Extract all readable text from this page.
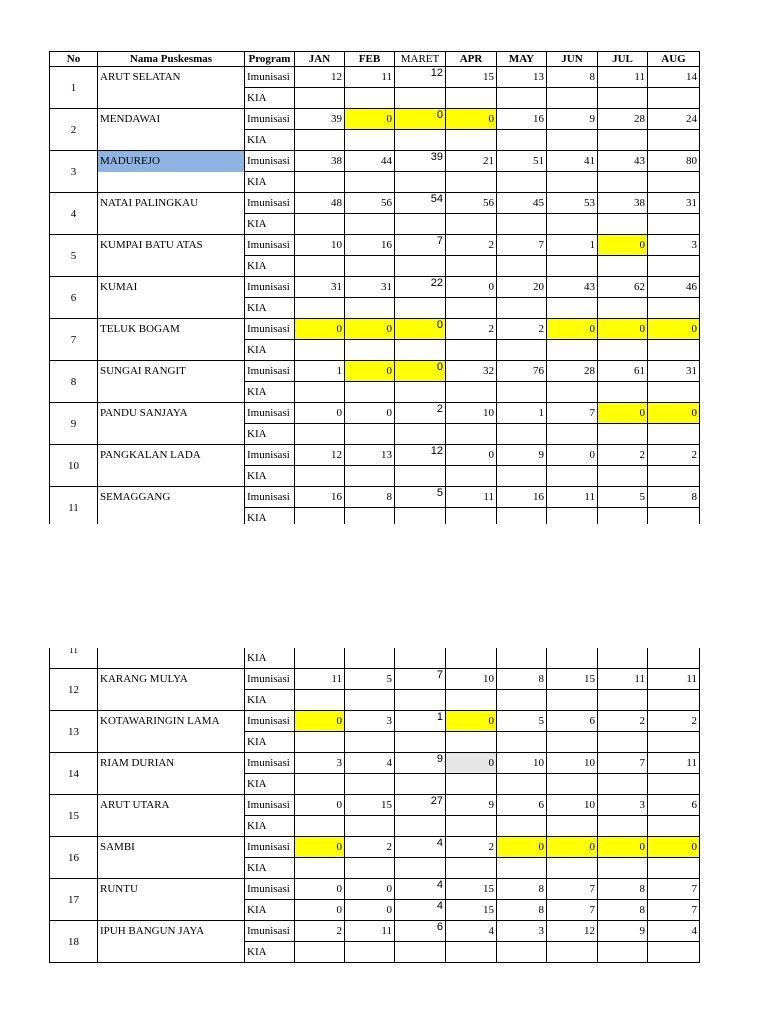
No	Nama Puskesmas	Program	JAN	FEB	MARET	APR	MAY	JUN	JUL	AUG
1	ARUT SELATAN	Imunisasi	12	11	12	15	13	8	11	14
		KIA								
2	MENDAWAI	Imunisasi	39	0	0	0	16	9	28	24
		KIA								
3	MADUREJO	Imunisasi	38	44	39	21	51	41	43	80
		KIA								
4	NATAI PALINGKAU	Imunisasi	48	56	54	56	45	53	38	31
		KIA								
5	KUMPAI BATU ATAS	Imunisasi	10	16	7	2	7	1	0	3
		KIA								
6	KUMAI	Imunisasi	31	31	22	0	20	43	62	46
		KIA								
7	TELUK BOGAM	Imunisasi	0	0	0	2	2	0	0	0
		KIA								
8	SUNGAI RANGIT	Imunisasi	1	0	0	32	76	28	61	31
		KIA								
9	PANDU SANJAYA	Imunisasi	0	0	2	10	1	7	0	0
		KIA								
10	PANGKALAN LADA	Imunisasi	12	13	12	0	9	0	2	2
		KIA								
11	SEMAGGANG	Imunisasi	16	8	5	11	16	11	5	8
		KIA								
11		KIA								
12	KARANG MULYA	Imunisasi	11	5	7	10	8	15	11	11
		KIA								
13	KOTAWARINGIN LAMA	Imunisasi	0	3	1	0	5	6	2	2
		KIA								
14	RIAM DURIAN	Imunisasi	3	4	9	0	10	10	7	11
		KIA								
15	ARUT UTARA	Imunisasi	0	15	27	9	6	10	3	6
		KIA								
16	SAMBI	Imunisasi	0	2	4	2	0	0	0	0
		KIA								
17	RUNTU	Imunisasi	0	0	4	15	8	7	8	7
		KIA	0	0	4	15	8	7	8	7
18	IPUH BANGUN JAYA	Imunisasi	2	11	6	4	3	12	9	4
		KIA								
